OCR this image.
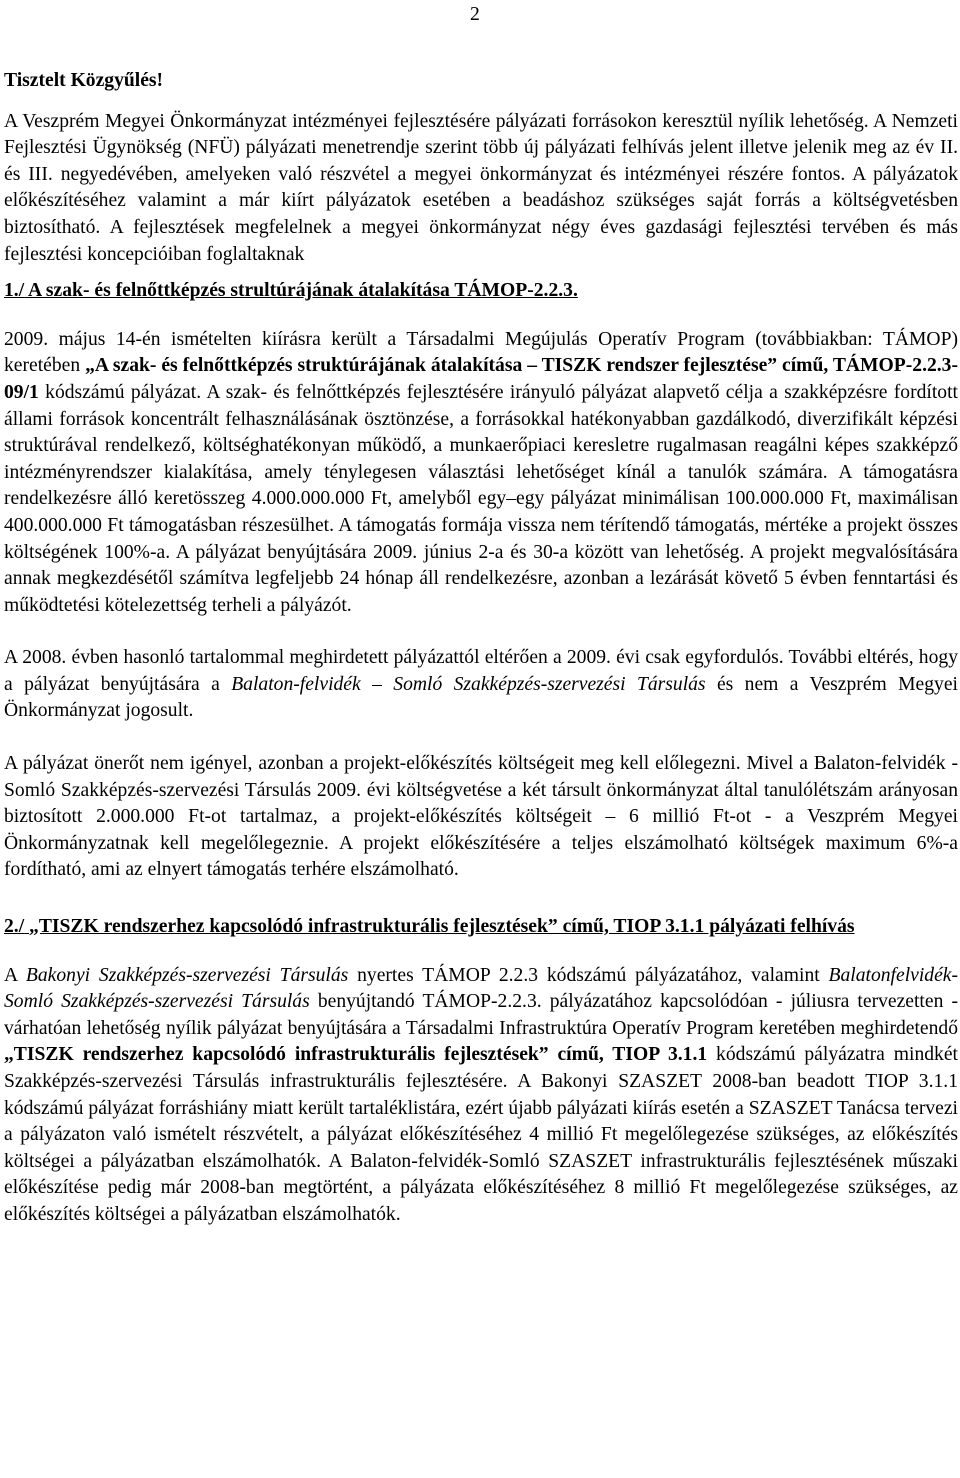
2

Tisztelt Közgyűlés!

A Veszprém Megyei Önkormányzat intézményei fejlesztésére pályázati forrásokon keresztül nyílik lehetőség. A Nemzeti Fejlesztési Ügynökség (NFÜ) pályázati menetrendje szerint több új pályázati felhívás jelent illetve jelenik meg az év II. és III. negyedévében, amelyeken való részvétel a megyei önkormányzat és intézményei részére fontos. A pályázatok előkészítéséhez valamint a már kiírt pályázatok esetében a beadáshoz szükséges saját forrás a költségvetésben biztosítható. A fejlesztések megfelelnek a megyei önkormányzat négy éves gazdasági fejlesztési tervében és más fejlesztési koncepcióiban foglaltaknak

1./ A szak- és felnőttképzés strultúrájának átalakítása TÁMOP-2.2.3.

2009. május 14-én ismételten kiírásra került a Társadalmi Megújulás Operatív Program (továbbiakban: TÁMOP) keretében „A szak- és felnőttképzés struktúrájának átalakítása – TISZK rendszer fejlesztése” című, TÁMOP-2.2.3-09/1 kódszámú pályázat. A szak- és felnőttképzés fejlesztésére irányuló pályázat alapvető célja a szakképzésre fordított állami források koncentrált felhasználásának ösztönzése, a forrásokkal hatékonyabban gazdálkodó, diverzifikált képzési struktúrával rendelkező, költséghatékonyan működő, a munkaerőpiaci keresletre rugalmasan reagálni képes szakképző intézményrendszer kialakítása, amely ténylegesen választási lehetőséget kínál a tanulók számára. A támogatásra rendelkezésre álló keretösszeg 4.000.000.000 Ft, amelyből egy–egy pályázat minimálisan 100.000.000 Ft, maximálisan 400.000.000 Ft támogatásban részesülhet. A támogatás formája vissza nem térítendő támogatás, mértéke a projekt összes költségének 100%-a. A pályázat benyújtására 2009. június 2-a és 30-a között van lehetőség. A projekt megvalósítására annak megkezdésétől számítva legfeljebb 24 hónap áll rendelkezésre, azonban a lezárását követő 5 évben fenntartási és működtetési kötelezettség terheli a pályázót.

A 2008. évben hasonló tartalommal meghirdetett pályázattól eltérően a 2009. évi csak egyfordulós. További eltérés, hogy a pályázat benyújtására a Balaton-felvidék – Somló Szakképzés-szervezési Társulás és nem a Veszprém Megyei Önkormányzat jogosult.

A pályázat önerőt nem igényel, azonban a projekt-előkészítés költségeit meg kell előlegezni. Mivel a Balaton-felvidék - Somló Szakképzés-szervezési Társulás 2009. évi költségvetése a két társult önkormányzat által tanulólétszám arányosan biztosított 2.000.000 Ft-ot tartalmaz, a projekt-előkészítés költségeit – 6 millió Ft-ot - a Veszprém Megyei Önkormányzatnak kell megelőlegeznie. A projekt előkészítésére a teljes elszámolható költségek maximum 6%-a fordítható, ami az elnyert támogatás terhére elszámolható.

2./ „TISZK rendszerhez kapcsolódó infrastrukturális fejlesztések” című, TIOP 3.1.1 pályázati felhívás

A Bakonyi Szakképzés-szervezési Társulás nyertes TÁMOP 2.2.3 kódszámú pályázatához, valamint Balatonfelvidék-Somló Szakképzés-szervezési Társulás benyújtandó TÁMOP-2.2.3. pályázatához kapcsolódóan - júliusra tervezetten - várhatóan lehetőség nyílik pályázat benyújtására a Társadalmi Infrastruktúra Operatív Program keretében meghirdetendő „TISZK rendszerhez kapcsolódó infrastrukturális fejlesztések” című, TIOP 3.1.1 kódszámú pályázatra mindkét Szakképzés-szervezési Társulás infrastrukturális fejlesztésére. A Bakonyi SZASZET 2008-ban beadott TIOP 3.1.1 kódszámú pályázat forráshiány miatt került tartaléklistára, ezért újabb pályázati kiírás esetén a SZASZET Tanácsa tervezi a pályázaton való ismételt részvételt, a pályázat előkészítéséhez 4 millió Ft megelőlegezése szükséges, az előkészítés költségei a pályázatban elszámolhatók. A Balaton-felvidék-Somló SZASZET infrastrukturális fejlesztésének műszaki előkészítése pedig már 2008-ban megtörtént, a pályázata előkészítéséhez 8 millió Ft megelőlegezése szükséges, az előkészítés költségei a pályázatban elszámolhatók.
